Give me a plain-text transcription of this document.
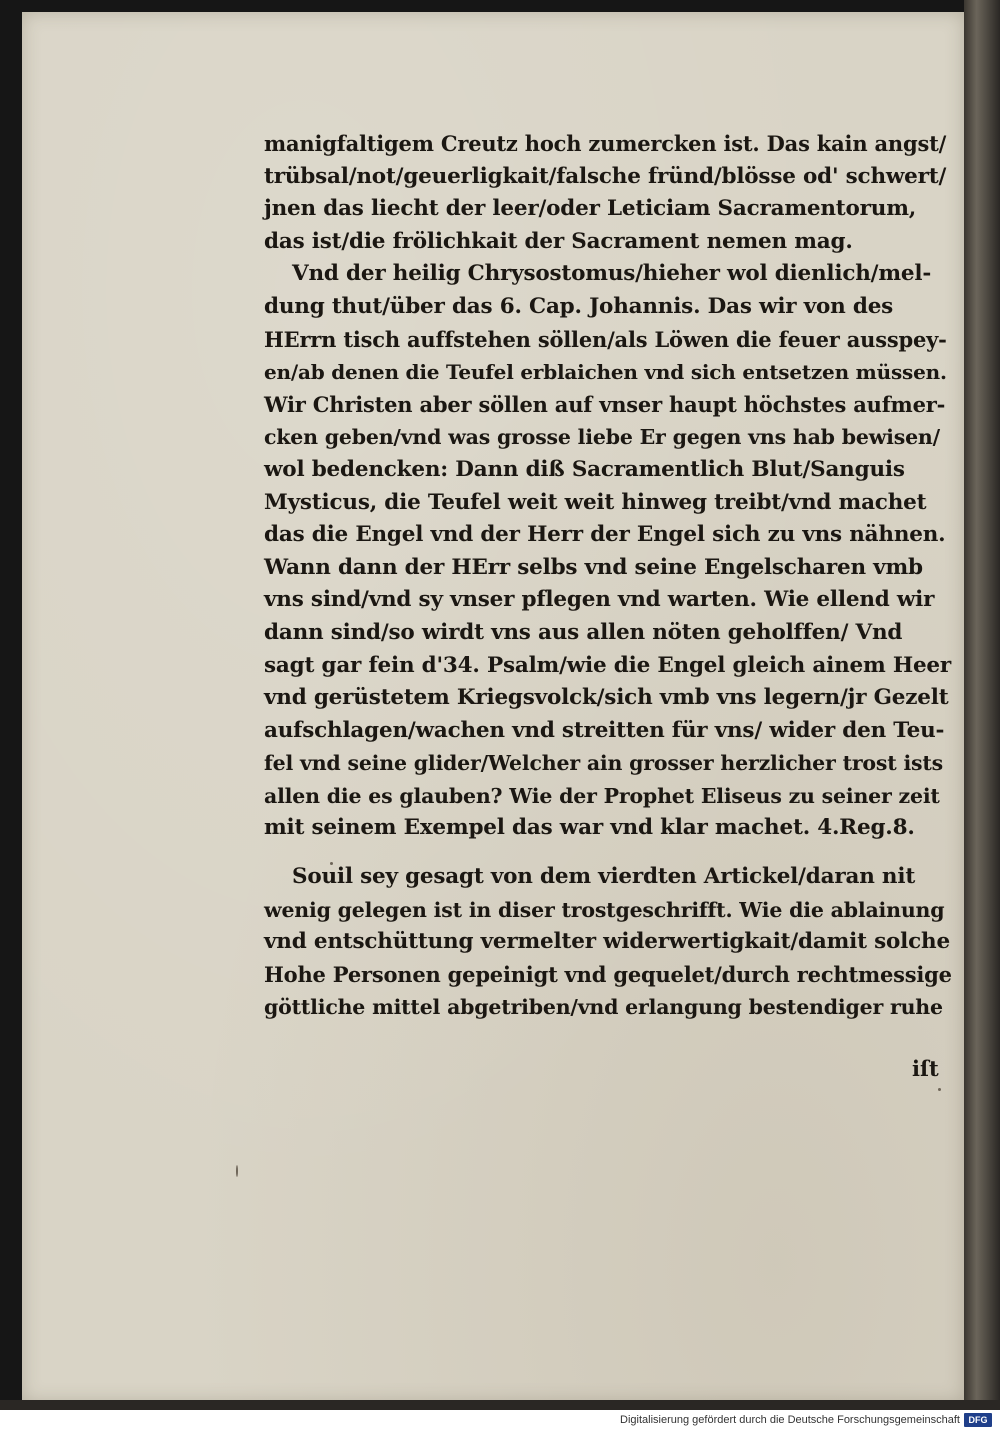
manigfaltigem Creutz hoch zumercken ist. Das kain angst/
trübsal/not/geuerligkait/falsche fründ/blösse od' schwert/
jnen das liecht der leer/oder Leticiam Sacramentorum,
das ist/die frölichkait der Sacrament nemen mag.
Vnd der heilig Chrysostomus/hieher wol dienlich/mel-
dung thut/über das 6. Cap. Johannis. Das wir von des
HErrn tisch auffstehen söllen/als Löwen die feuer ausspey-
en/ab denen die Teufel erblaichen vnd sich entsetzen müssen.
Wir Christen aber söllen auf vnser haupt höchstes aufmer-
cken geben/vnd was grosse liebe Er gegen vns hab bewisen/
wol bedencken: Dann diß Sacramentlich Blut/Sanguis
Mysticus, die Teufel weit weit hinweg treibt/vnd machet
das die Engel vnd der Herr der Engel sich zu vns nähnen.
Wann dann der HErr selbs vnd seine Engelscharen vmb
vns sind/vnd sy vnser pflegen vnd warten. Wie ellend wir
dann sind/so wirdt vns aus allen nöten geholffen/ Vnd
sagt gar fein d'34. Psalm/wie die Engel gleich ainem Heer
vnd gerüstetem Kriegsvolck/sich vmb vns legern/jr Gezelt
aufschlagen/wachen vnd streitten für vns/ wider den Teu-
fel vnd seine glider/Welcher ain grosser herzlicher trost ists
allen die es glauben? Wie der Prophet Eliseus zu seiner zeit
mit seinem Exempel das war vnd klar machet. 4.Reg.8.
Souil sey gesagt von dem vierdten Artickel/daran nit
wenig gelegen ist in diser trostgeschrifft. Wie die ablainung
vnd entschüttung vermelter widerwertigkait/damit solche
Hohe Personen gepeinigt vnd gequelet/durch rechtmessige
göttliche mittel abgetriben/vnd erlangung bestendiger ruhe
iſt
Digitalisierung gefördert durch die Deutsche Forschungsgemeinschaft DFG
